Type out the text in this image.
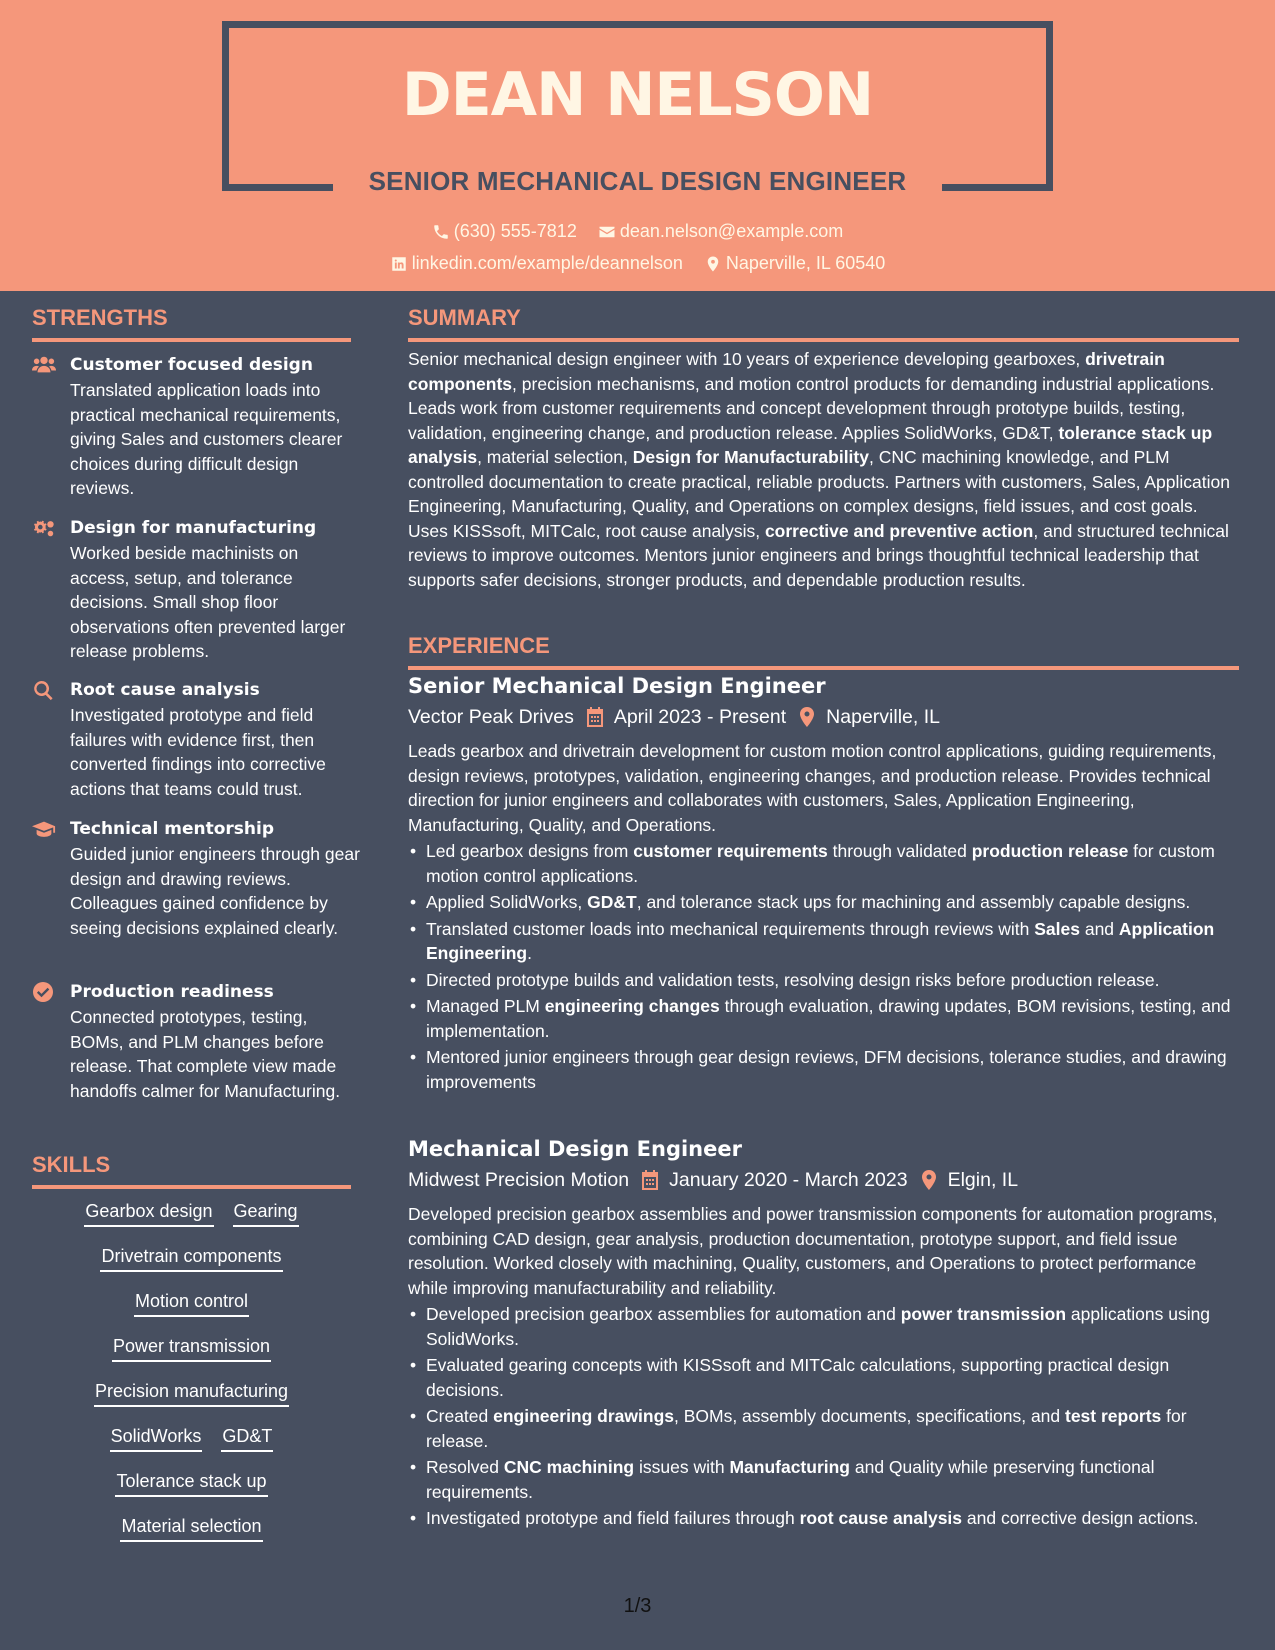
DEAN NELSON
SENIOR MECHANICAL DESIGN ENGINEER
(630) 555-7812
dean.nelson@example.com
linkedin.com/example/deannelson
Naperville, IL 60540
STRENGTHS
Customer focused design
Translated application loads into practical mechanical requirements, giving Sales and customers clearer choices during difficult design reviews.
Design for manufacturing
Worked beside machinists on access, setup, and tolerance decisions. Small shop floor observations often prevented larger release problems.
Root cause analysis
Investigated prototype and field failures with evidence first, then converted findings into corrective actions that teams could trust.
Technical mentorship
Guided junior engineers through gear design and drawing reviews. Colleagues gained confidence by seeing decisions explained clearly.
Production readiness
Connected prototypes, testing, BOMs, and PLM changes before release. That complete view made handoffs calmer for Manufacturing.
SKILLS
Gearbox design Gearing
Drivetrain components
Motion control
Power transmission
Precision manufacturing
SolidWorks GD&T
Tolerance stack up
Material selection
SUMMARY
Senior mechanical design engineer with 10 years of experience developing gearboxes, drivetrain components, precision mechanisms, and motion control products for demanding industrial applications. Leads work from customer requirements and concept development through prototype builds, testing, validation, engineering change, and production release. Applies SolidWorks, GD&T, tolerance stack up analysis, material selection, Design for Manufacturability, CNC machining knowledge, and PLM controlled documentation to create practical, reliable products. Partners with customers, Sales, Application Engineering, Manufacturing, Quality, and Operations on complex designs, field issues, and cost goals. Uses KISSsoft, MITCalc, root cause analysis, corrective and preventive action, and structured technical reviews to improve outcomes. Mentors junior engineers and brings thoughtful technical leadership that supports safer decisions, stronger products, and dependable production results.
EXPERIENCE
Senior Mechanical Design Engineer
Vector Peak Drives April 2023 - Present Naperville, IL
Leads gearbox and drivetrain development for custom motion control applications, guiding requirements, design reviews, prototypes, validation, engineering changes, and production release. Provides technical direction for junior engineers and collaborates with customers, Sales, Application Engineering, Manufacturing, Quality, and Operations.
• Led gearbox designs from customer requirements through validated production release for custom motion control applications.
• Applied SolidWorks, GD&T, and tolerance stack ups for machining and assembly capable designs.
• Translated customer loads into mechanical requirements through reviews with Sales and Application Engineering.
• Directed prototype builds and validation tests, resolving design risks before production release.
• Managed PLM engineering changes through evaluation, drawing updates, BOM revisions, testing, and implementation.
• Mentored junior engineers through gear design reviews, DFM decisions, tolerance studies, and drawing improvements
Mechanical Design Engineer
Midwest Precision Motion January 2020 - March 2023 Elgin, IL
Developed precision gearbox assemblies and power transmission components for automation programs, combining CAD design, gear analysis, production documentation, prototype support, and field issue resolution. Worked closely with machining, Quality, customers, and Operations to protect performance while improving manufacturability and reliability.
• Developed precision gearbox assemblies for automation and power transmission applications using SolidWorks.
• Evaluated gearing concepts with KISSsoft and MITCalc calculations, supporting practical design decisions.
• Created engineering drawings, BOMs, assembly documents, specifications, and test reports for release.
• Resolved CNC machining issues with Manufacturing and Quality while preserving functional requirements.
• Investigated prototype and field failures through root cause analysis and corrective design actions.
1/3
